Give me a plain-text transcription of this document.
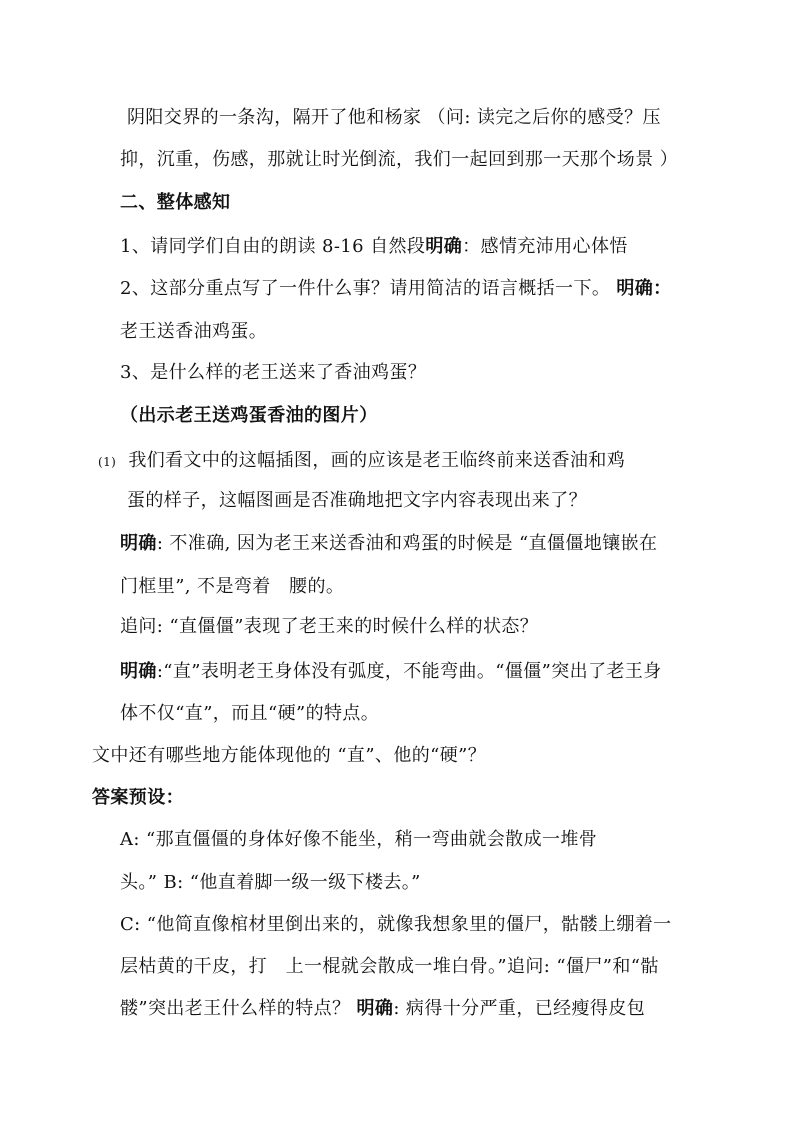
阴阳交界的一条沟，隔开了他和杨家 （问: 读完之后你的感受？压
抑，沉重，伤感，那就让时光倒流，我们一起回到那一天那个场景 ）
二、整体感知
1、请同学们自由的朗读 8-16 自然段明确：感情充沛用心体悟
2、这部分重点写了一件什么事？请用简洁的语言概括一下。 明确：
老王送香油鸡蛋。
3、是什么样的老王送来了香油鸡蛋？
（出示老王送鸡蛋香油的图片）
(1) 我们看文中的这幅插图，画的应该是老王临终前来送香油和鸡
蛋的样子，这幅图画是否准确地把文字内容表现出来了？
明确: 不准确, 因为老王来送香油和鸡蛋的时候是 “直僵僵地镶嵌在
门框里”, 不是弯着　腰的。
追问: “直僵僵”表现了老王来的时候什么样的状态？
明确:“直”表明老王身体没有弧度，不能弯曲。“僵僵”突出了老王身
体不仅“直”，而且“硬”的特点。
文中还有哪些地方能体现他的 “直”、他的“硬”？
答案预设：
A: “那直僵僵的身体好像不能坐，稍一弯曲就会散成一堆骨
头。” B: “他直着脚一级一级下楼去。”
C: “他简直像棺材里倒出来的，就像我想象里的僵尸，骷髅上绷着一
层枯黄的干皮，打　上一棍就会散成一堆白骨。”追问: “僵尸”和“骷
髅”突出老王什么样的特点？ 明确: 病得十分严重，已经瘦得皮包
